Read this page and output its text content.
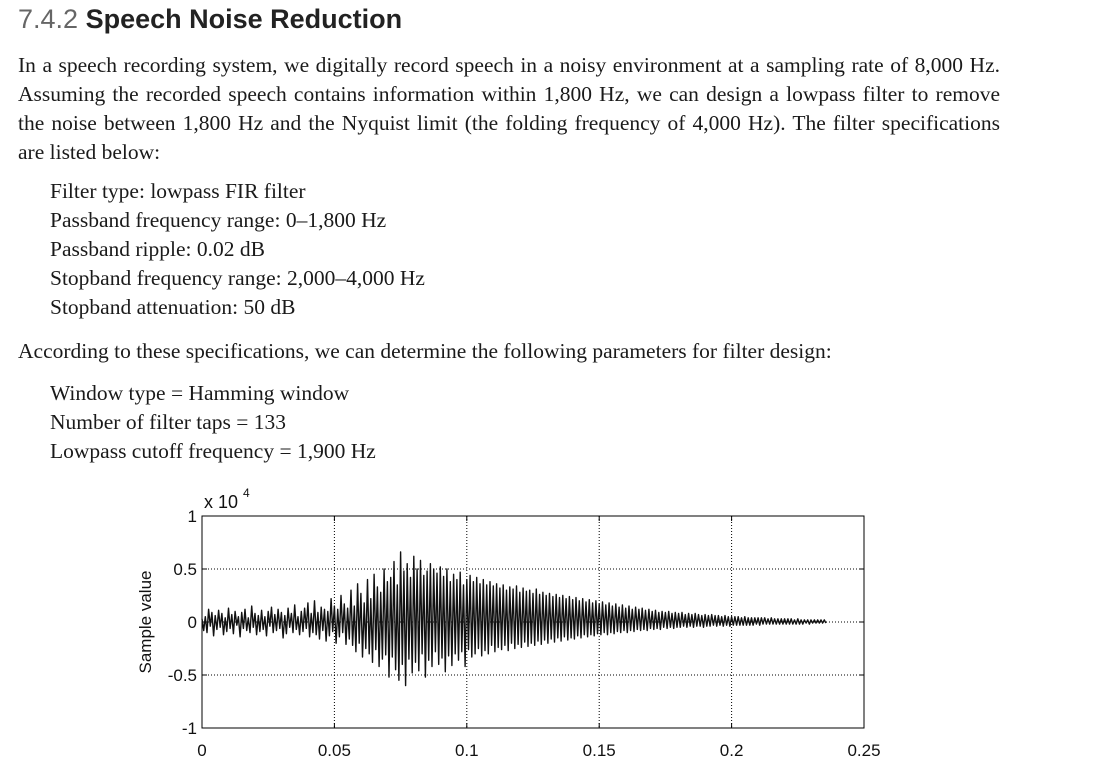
7.4.2 Speech Noise Reduction

In a speech recording system, we digitally record speech in a noisy environment at a sampling rate of 8,000 Hz. Assuming the recorded speech contains information within 1,800 Hz, we can design a lowpass filter to remove the noise between 1,800 Hz and the Nyquist limit (the folding frequency of 4,000 Hz). The filter specifications are listed below:

Filter type: lowpass FIR filter
Passband frequency range: 0–1,800 Hz
Passband ripple: 0.02 dB
Stopband frequency range: 2,000–4,000 Hz
Stopband attenuation: 50 dB

According to these specifications, we can determine the following parameters for filter design:

Window type = Hamming window
Number of filter taps = 133
Lowpass cutoff frequency = 1,900 Hz
0	0.05	0.1	0.15	0.2	0.25
1
0.5
0
-0.5
-1
x 10 4
Sample value
